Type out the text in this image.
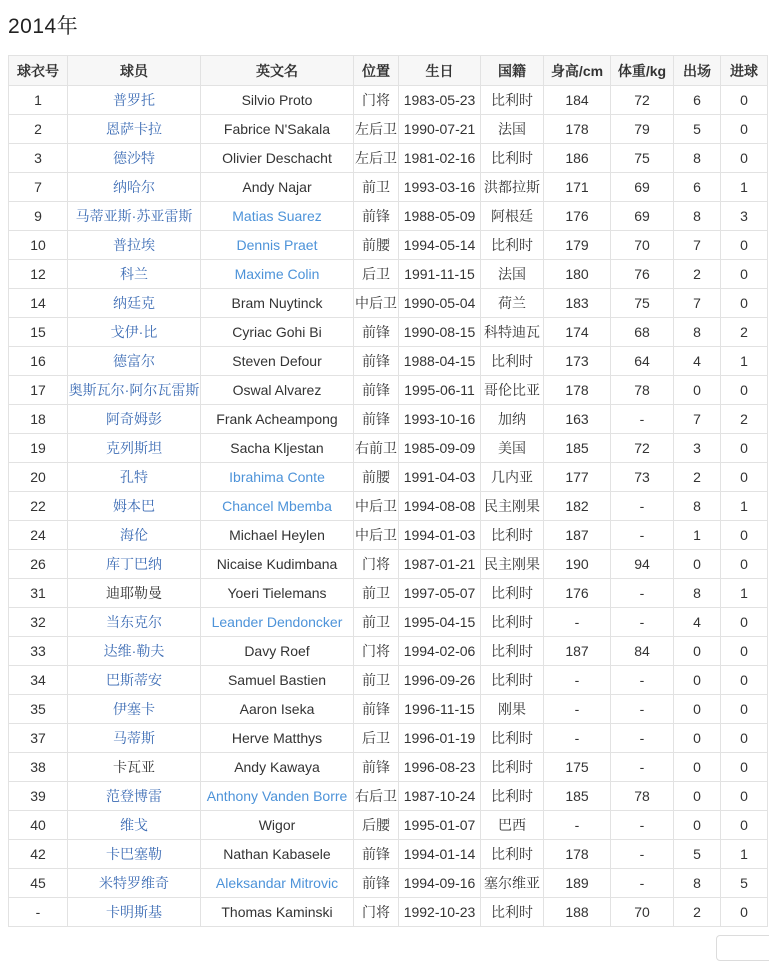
2014年
球衣号	球员	英文名	位置	生日	国籍	身高/cm	体重/kg	出场	进球
1	普罗托	Silvio Proto	门将	1983-05-23	比利时	184	72	6	0
2	恩萨卡拉	Fabrice N'Sakala	左后卫	1990-07-21	法国	178	79	5	0
3	德沙特	Olivier Deschacht	左后卫	1981-02-16	比利时	186	75	8	0
7	纳哈尔	Andy Najar	前卫	1993-03-16	洪都拉斯	171	69	6	1
9	马蒂亚斯·苏亚雷斯	Matias Suarez	前锋	1988-05-09	阿根廷	176	69	8	3
10	普拉埃	Dennis Praet	前腰	1994-05-14	比利时	179	70	7	0
12	科兰	Maxime Colin	后卫	1991-11-15	法国	180	76	2	0
14	纳廷克	Bram Nuytinck	中后卫	1990-05-04	荷兰	183	75	7	0
15	戈伊·比	Cyriac Gohi Bi	前锋	1990-08-15	科特迪瓦	174	68	8	2
16	德富尔	Steven Defour	前锋	1988-04-15	比利时	173	64	4	1
17	奥斯瓦尔·阿尔瓦雷斯	Oswal Alvarez	前锋	1995-06-11	哥伦比亚	178	78	0	0
18	阿奇姆彭	Frank Acheampong	前锋	1993-10-16	加纳	163	-	7	2
19	克列斯坦	Sacha Kljestan	右前卫	1985-09-09	美国	185	72	3	0
20	孔特	Ibrahima Conte	前腰	1991-04-03	几内亚	177	73	2	0
22	姆本巴	Chancel Mbemba	中后卫	1994-08-08	民主刚果	182	-	8	1
24	海伦	Michael Heylen	中后卫	1994-01-03	比利时	187	-	1	0
26	库丁巴纳	Nicaise Kudimbana	门将	1987-01-21	民主刚果	190	94	0	0
31	迪耶勒曼	Yoeri Tielemans	前卫	1997-05-07	比利时	176	-	8	1
32	当东克尔	Leander Dendoncker	前卫	1995-04-15	比利时	-	-	4	0
33	达维·勒夫	Davy Roef	门将	1994-02-06	比利时	187	84	0	0
34	巴斯蒂安	Samuel Bastien	前卫	1996-09-26	比利时	-	-	0	0
35	伊塞卡	Aaron Iseka	前锋	1996-11-15	刚果	-	-	0	0
37	马蒂斯	Herve Matthys	后卫	1996-01-19	比利时	-	-	0	0
38	卡瓦亚	Andy Kawaya	前锋	1996-08-23	比利时	175	-	0	0
39	范登博雷	Anthony Vanden Borre	右后卫	1987-10-24	比利时	185	78	0	0
40	维戈	Wigor	后腰	1995-01-07	巴西	-	-	0	0
42	卡巴塞勒	Nathan Kabasele	前锋	1994-01-14	比利时	178	-	5	1
45	米特罗维奇	Aleksandar Mitrovic	前锋	1994-09-16	塞尔维亚	189	-	8	5
-	卡明斯基	Thomas Kaminski	门将	1992-10-23	比利时	188	70	2	0
